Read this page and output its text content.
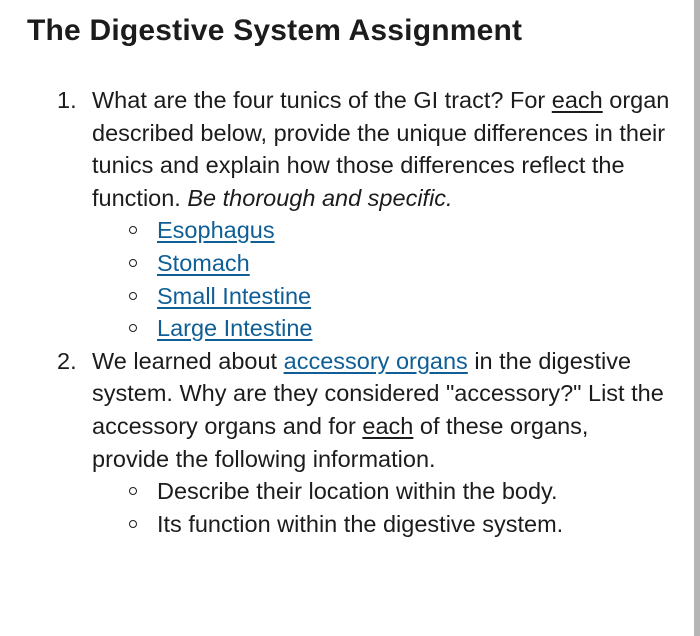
The Digestive System Assignment
1. What are the four tunics of the GI tract? For each organ described below, provide the unique differences in their tunics and explain how those differences reflect the function. Be thorough and specific.
Esophagus
Stomach
Small Intestine
Large Intestine
2. We learned about accessory organs in the digestive system. Why are they considered "accessory?" List the accessory organs and for each of these organs, provide the following information.
Describe their location within the body.
Its function within the digestive system.
